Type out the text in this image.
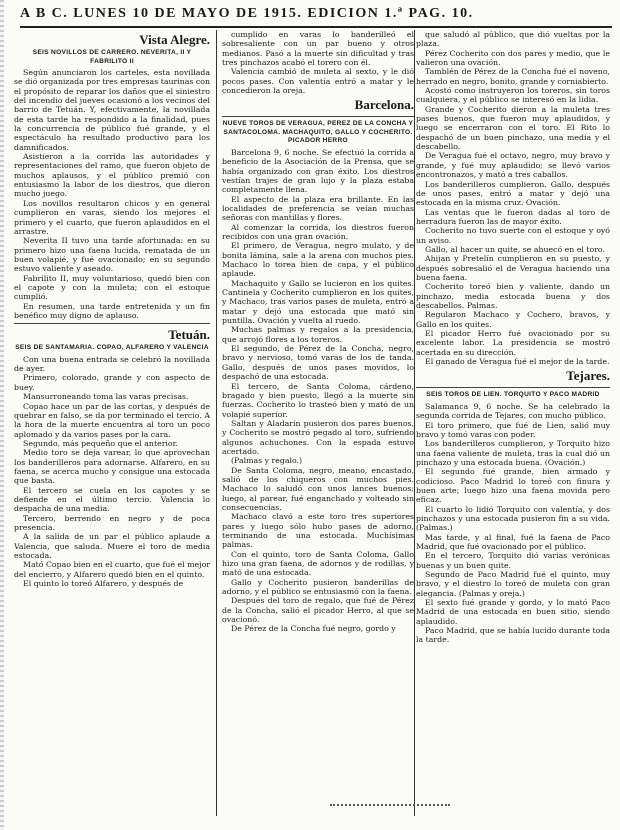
A B C. LUNES 10 DE MAYO DE 1915. EDICION 1.ª PAG. 10.
Vista Alegre.
SEIS NOVILLOS DE CARRERO. NEVERITA, II Y FABRILITO II

Según anunciaron los carteles, esta novillada se dió organizada por tres empresas taurinas con el propósito de reparar los daños que el siniestro del incendio del jueves ocasionó a los vecinos del barrio de Tetuán. Y, efectivamente, la novillada de esta tarde ha respondido a la finalidad, pues la concurrencia de público fué grande, y el espectáculo ha resultado productivo para los damnificados.

Asistieron a la corrida las autoridades y representaciones del ramo, que fueron objeto de muchos aplausos, y el público premió con entusiasmo la labor de los diestros, que dieron mucho juego.

Los novillos resultaron chicos y en general cumplieron en varas, siendo los mejores el primero y el cuarto, que fueron aplaudidos en el arrastre.

Neverita II tuvo una tarde afortunada: en su primero hizo una faena lucida, rematada de un buen volapié, y fué ovacionado; en su segundo estuvo valiente y aseado.

Fabrilito II, muy voluntarioso, quedó bien con el capote y con la muleta; con el estoque cumplió.

En resumen, una tarde entretenida y un fin benéfico muy digno de aplauso.

Tetuán.
SEIS DE SANTAMARIA. COPAO, ALFARERO Y VALENCIA

Con una buena entrada se celebró la novillada de ayer.

Primero, colorado, grande y con aspecto de buey.

Mansurroneando toma las varas precisas.

Copao hace un par de las cortas, y después de quebrar en falso, se da por terminado el tercio. A la hora de la muerte encuentra al toro un poco aplomado y da varios pases por la cara.

Segundo, más pequeño que el anterior.

Medio toro se deja varear, lo que aprovechan los banderilleros para adornarse. Alfarero, en su faena, se acerca mucho y consigue una estocada que basta.

El tercero se cuela en los capotes y se defiende en el último tercio. Valencia lo despacha de una media.

Tercero, berrendo en negro y de poca presencia.

A la salida de un par el público aplaude a Valencia, que saluda. Muere el toro de media estocada.

Mató Copao bien en el cuarto, que fué el mejor del encierro, y Alfarero quedó bien en el quinto.

El quinto lo toreó Alfarero, y después de

cumplido en varas lo banderilleó el sobresaliente con un par bueno y otros medianos. Pasó a la muerte sin dificultad y tras tres pinchazos acabó el torero con él.

Valencia cambió de muleta al sexto, y le dió pocos pases. Con valentía entró a matar y le concedieron la oreja.

Barcelona.
NUEVE TOROS DE VERAGUA, PEREZ DE LA CONCHA Y SANTACOLOMA. MACHAQUITO, GALLO Y COCHERITO. PICADOR HERRO

Barcelona 9, 6 noche. Se efectuó la corrida a beneficio de la Asociación de la Prensa, que se había organizado con gran éxito. Los diestros vestían trajes de gran lujo y la plaza estaba completamente llena.

El aspecto de la plaza era brillante. En las localidades de preferencia se veían muchas señoras con mantillas y flores.

Al comenzar la corrida, los diestros fueron recibidos con una gran ovación.

El primero, de Veragua, negro mulato, y de bonita lámina, sale a la arena con muchos pies. Machaco lo torea bien de capa, y el público aplaude.

Machaquito y Gallo se lucieron en los quites. Cantinela y Cocherito cumplieron en los quites, y Machaco, tras varios pases de muleta, entró a matar y dejó una estocada que mató sin puntilla. Ovación y vuelta al ruedo.

Muchas palmas y regalos a la presidencia, que arrojó flores a los toreros.

El segundo, de Pérez de la Concha, negro, bravo y nervioso, tomó varas de los de tanda. Gallo, después de unos pases movidos, lo despachó de una estocada.

El tercero, de Santa Coloma, cárdeno, bragado y bien puesto, llegó a la muerte sin fuerzas. Cocherito lo trasteó bien y mató de un volapié superior.

Saltan y Aladarín pusieron dos pares buenos, y Cocherito se mostró pegado al toro, sufriendo algunos achuchones. Con la espada estuvo acertado.

(Palmas y regalo.)

De Santa Coloma, negro, meano, encastado, salió de los chiqueros con muchos pies. Machaco lo saludó con unos lances buenos; luego, al parear, fué enganchado y volteado sin consecuencias.

Machaco clavó a este toro tres superiores pares y luego sólo hubo pases de adorno, terminando de una estocada. Muchísimas palmas.

Con el quinto, toro de Santa Coloma, Gallo hizo una gran faena, de adornos y de rodillas, y mató de una estocada.

Gallo y Cocherito pusieron banderillas de adorno, y el público se entusiasmó con la faena.

Después del toro de regalo, que fué de Pérez de la Concha, salió el picador Herro, al que se ovacionó.

De Pérez de la Concha fué negro, gordo y

que saludó al público, que dió vueltas por la plaza.

Pérez Cocherito con dos pares y medio, que le valieron una ovación.

Tamblén de Pérez de la Concha fué el noveno, herrado en negro, bonito, grande y corniabierto.

Acostó como instruyeron los toreros, sin toros cualquiera, y el público se interesó en la lidia.

Grande y Cocherito dieron a la muleta tres pases buenos, que fueron muy aplaudidos, y luego se encerraron con el toro. El Rito lo despachó de un buen pinchazo, una media y el descabello.

De Veragua fué el octavo, negro, muy bravo y grande, y fué muy aplaudido; se llevó varios encontronazos, y mató a tres caballos.

Los banderilleros cumplieron. Gallo, después de unos pases, entró a matar y dejó una estocada en la misma cruz. Ovación.

Las ventas que le fueron dadas al toro de herradura fueron las de mayor éxito.

Cocherito no tuvo suerte con el estoque y oyó un aviso.

Gallo, al hacer un quite, se ahuecó en el toro.

Ahijan y Pretelín cumplieron en su puesto, y después sobresalió el de Veragua haciendo una buena faena.

Cocherito toreó bien y valiente, dando un pinchazo, media estocada buena y dos descabellos. Palmas.

Regularon Machaco y Cochero, bravos, y Gallo en los quites.

El picador Herro fué ovacionado por su excelente labor. La presidencia se mostró acertada en su dirección.

El ganado de Veragua fué el mejor de la tarde.

Tejares.
SEIS TOROS DE LIEN. TORQUITO Y PACO MADRID

Salamanca 9, 6 noche. Se ha celebrado la segunda corrida de Tejares, con mucho público.

El toro primero, que fué de Lien, salió muy bravo y tomó varas con poder.

Los banderilleros cumplieron, y Torquito hizo una faena valiente de muleta, tras la cual dió un pinchazo y una estocada buena. (Ovación.)

El segundo fué grande, bien armado y codicioso. Paco Madrid lo toreó con finura y buen arte; luego hizo una faena movida pero eficaz.

El cuarto lo lidió Torquito con valentía, y dos pinchazos y una estocada pusieron fin a su vida. (Palmas.)

Mas tarde, y al final, fué la faena de Paco Madrid, que fué ovacionado por el público.

En el tercero, Torquito dió varias verónicas buenas y un buen quite.

Segundo de Paco Madrid fué el quinto, muy bravo, y el diestro lo toreó de muleta con gran elegancia. (Palmas y oreja.)

El sexto fué grande y gordo, y lo mató Paco Madrid de una estocada en buen sitio, siendo aplaudido.

Paco Madrid, que se había lucido durante toda la tarde.
